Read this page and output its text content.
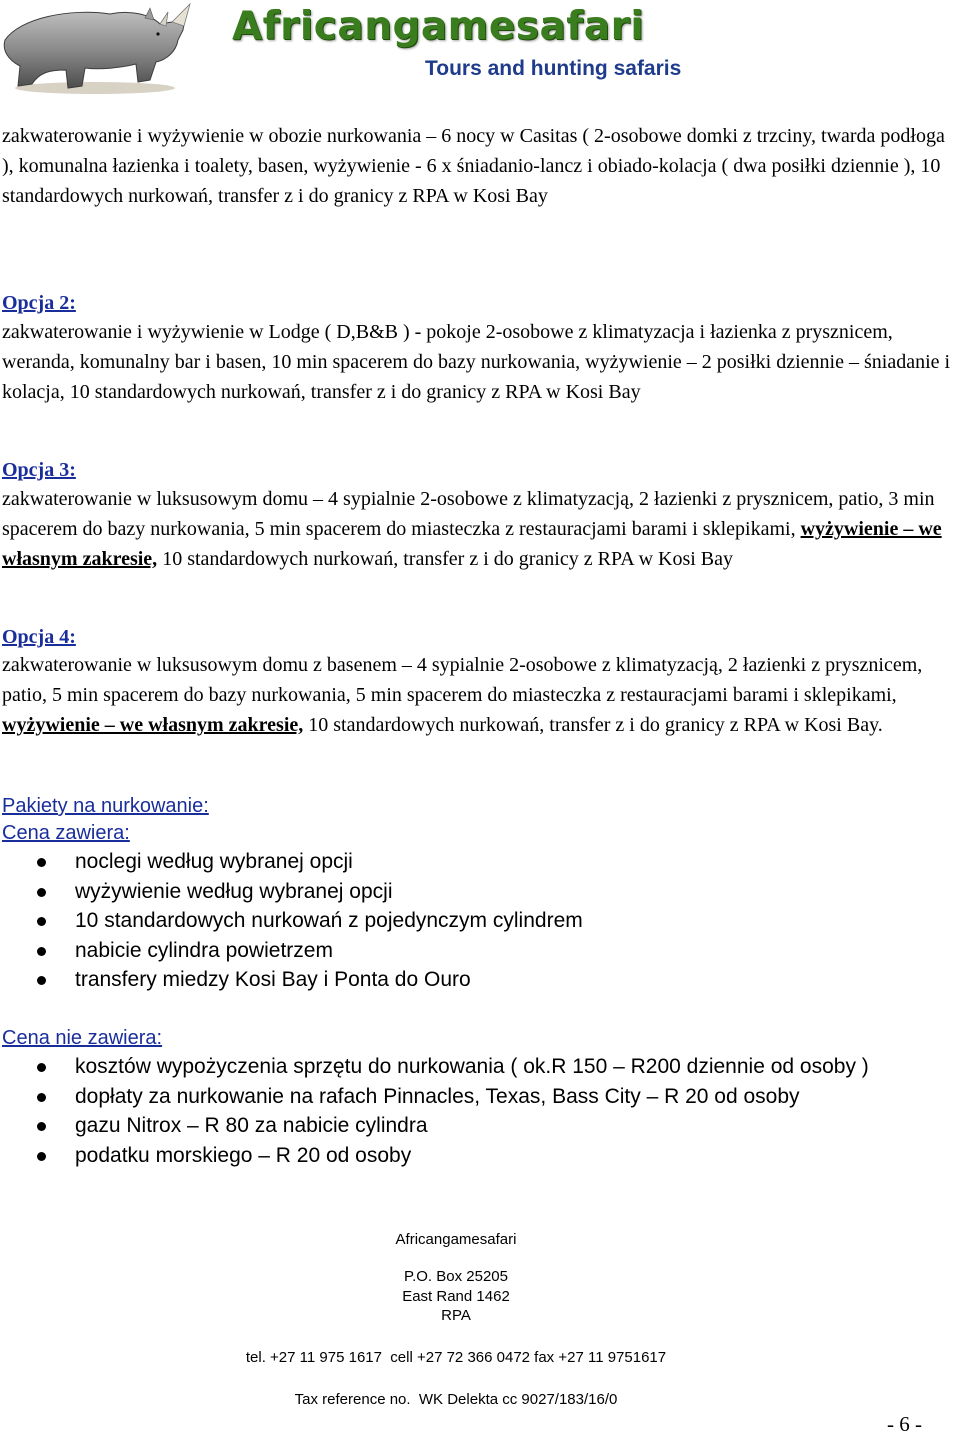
Africangamesafari
Tours and hunting safaris

zakwaterowanie i wyżywienie w obozie nurkowania – 6 nocy w Casitas ( 2-osobowe domki z trzciny, twarda podłoga ), komunalna łazienka i toalety, basen, wyżywienie - 6 x śniadanio-lancz i obiado-kolacja ( dwa posiłki dziennie ), 10 standardowych nurkowań, transfer z i do granicy z RPA w Kosi Bay

Opcja 2:

zakwaterowanie i wyżywienie w Lodge ( D,B&B ) - pokoje 2-osobowe z klimatyzacja i łazienka z prysznicem, weranda, komunalny bar i basen, 10 min spacerem do bazy nurkowania, wyżywienie – 2 posiłki dziennie – śniadanie i kolacja, 10 standardowych nurkowań, transfer z i do granicy z RPA w Kosi Bay

Opcja 3:

zakwaterowanie w luksusowym domu – 4 sypialnie 2-osobowe z klimatyzacją, 2 łazienki z prysznicem, patio, 3 min spacerem do bazy nurkowania, 5 min spacerem do miasteczka z restauracjami barami i sklepikami, wyżywienie – we własnym zakresie, 10 standardowych nurkowań, transfer z i do granicy z RPA w Kosi Bay

Opcja 4:

zakwaterowanie w luksusowym domu z basenem – 4 sypialnie 2-osobowe z klimatyzacją, 2 łazienki z prysznicem, patio, 5 min spacerem do bazy nurkowania, 5 min spacerem do miasteczka z restauracjami barami i sklepikami, wyżywienie – we własnym zakresie, 10 standardowych nurkowań, transfer z i do granicy z RPA w Kosi Bay.

Pakiety na nurkowanie:

Cena zawiera:

noclegi według wybranej opcji
wyżywienie według wybranej opcji
10 standardowych nurkowań z pojedynczym cylindrem
nabicie cylindra powietrzem
transfery miedzy Kosi Bay i Ponta do Ouro

Cena nie zawiera:

kosztów wypożyczenia sprzętu do nurkowania ( ok.R 150 – R200 dziennie od osoby )
dopłaty za nurkowanie na rafach Pinnacles, Texas, Bass City – R 20 od osoby
gazu Nitrox – R 80 za nabicie cylindra
podatku morskiego – R 20 od osoby

Africangamesafari

P.O. Box 25205

East Rand 1462

RPA

tel. +27 11 975 1617  cell +27 72 366 0472 fax +27 11 9751617

Tax reference no.  WK Delekta cc 9027/183/16/0

- 6 -
